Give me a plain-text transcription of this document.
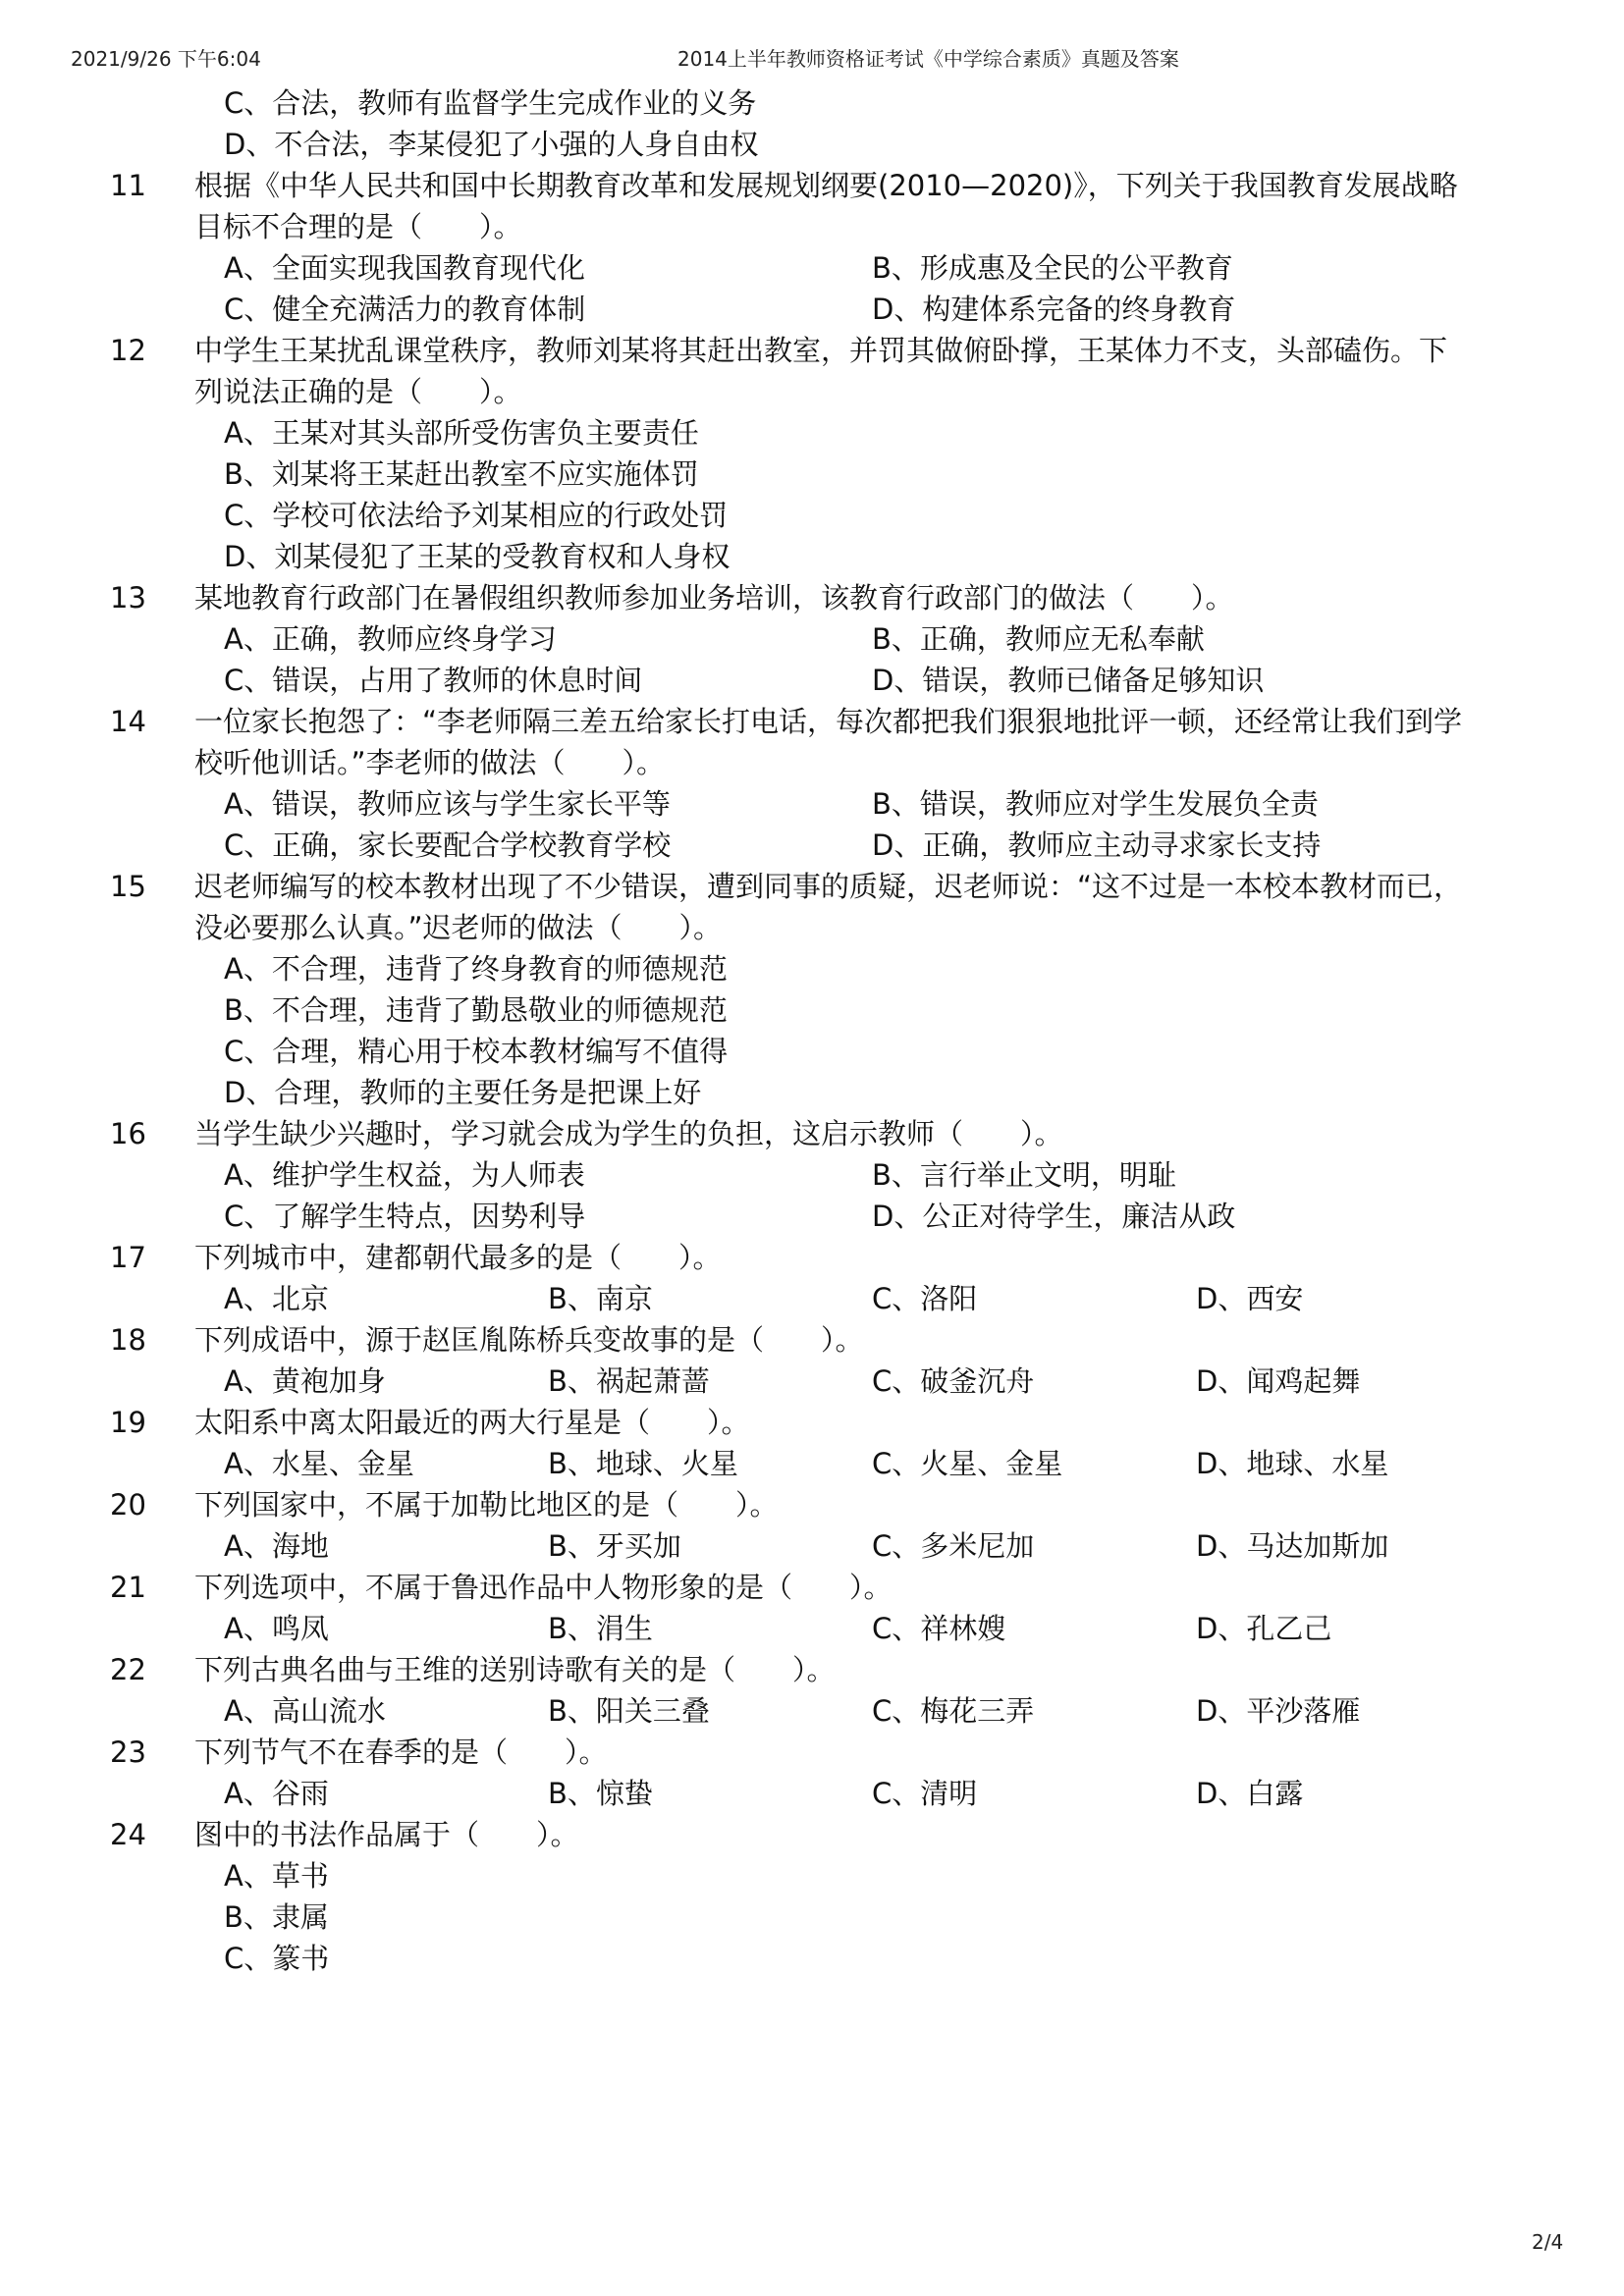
2021/9/26 下午6:04	2014上半年教师资格证考试《中学综合素质》真题及答案
C、合法，教师有监督学生完成作业的义务
D、不合法，李某侵犯了小强的人身自由权
11	根据《中华人民共和国中长期教育改革和发展规划纲要(2010—2020)》，下列关于我国教育发展战略
目标不合理的是（　　）。
A、全面实现我国教育现代化	B、形成惠及全民的公平教育
C、健全充满活力的教育体制	D、构建体系完备的终身教育
12	中学生王某扰乱课堂秩序，教师刘某将其赶出教室，并罚其做俯卧撑，王某体力不支，头部磕伤。下
列说法正确的是（　　）。
A、王某对其头部所受伤害负主要责任
B、刘某将王某赶出教室不应实施体罚
C、学校可依法给予刘某相应的行政处罚
D、刘某侵犯了王某的受教育权和人身权
13	某地教育行政部门在暑假组织教师参加业务培训，该教育行政部门的做法（　　）。
A、正确，教师应终身学习	B、正确，教师应无私奉献
C、错误，占用了教师的休息时间	D、错误，教师已储备足够知识
14	一位家长抱怨了：“李老师隔三差五给家长打电话，每次都把我们狠狠地批评一顿，还经常让我们到学
校听他训话。”李老师的做法（　　）。
A、错误，教师应该与学生家长平等	B、错误，教师应对学生发展负全责
C、正确，家长要配合学校教育学校	D、正确，教师应主动寻求家长支持
15	迟老师编写的校本教材出现了不少错误，遭到同事的质疑，迟老师说：“这不过是一本校本教材而已，
没必要那么认真。”迟老师的做法（　　）。
A、不合理，违背了终身教育的师德规范
B、不合理，违背了勤恳敬业的师德规范
C、合理，精心用于校本教材编写不值得
D、合理，教师的主要任务是把课上好
16	当学生缺少兴趣时，学习就会成为学生的负担，这启示教师（　　）。
A、维护学生权益，为人师表	B、言行举止文明，明耻
C、了解学生特点，因势利导	D、公正对待学生，廉洁从政
17	下列城市中，建都朝代最多的是（　　）。
A、北京	B、南京	C、洛阳	D、西安
18	下列成语中，源于赵匡胤陈桥兵变故事的是（　　）。
A、黄袍加身	B、祸起萧蔷	C、破釜沉舟	D、闻鸡起舞
19	太阳系中离太阳最近的两大行星是（　　）。
A、水星、金星	B、地球、火星	C、火星、金星	D、地球、水星
20	下列国家中，不属于加勒比地区的是（　　）。
A、海地	B、牙买加	C、多米尼加	D、马达加斯加
21	下列选项中，不属于鲁迅作品中人物形象的是（　　）。
A、鸣凤	B、涓生	C、祥林嫂	D、孔乙己
22	下列古典名曲与王维的送别诗歌有关的是（　　）。
A、高山流水	B、阳关三叠	C、梅花三弄	D、平沙落雁
23	下列节气不在春季的是（　　）。
A、谷雨	B、惊蛰	C、清明	D、白露
24	图中的书法作品属于（　　）。
A、草书
B、隶属
C、篆书
2/4
